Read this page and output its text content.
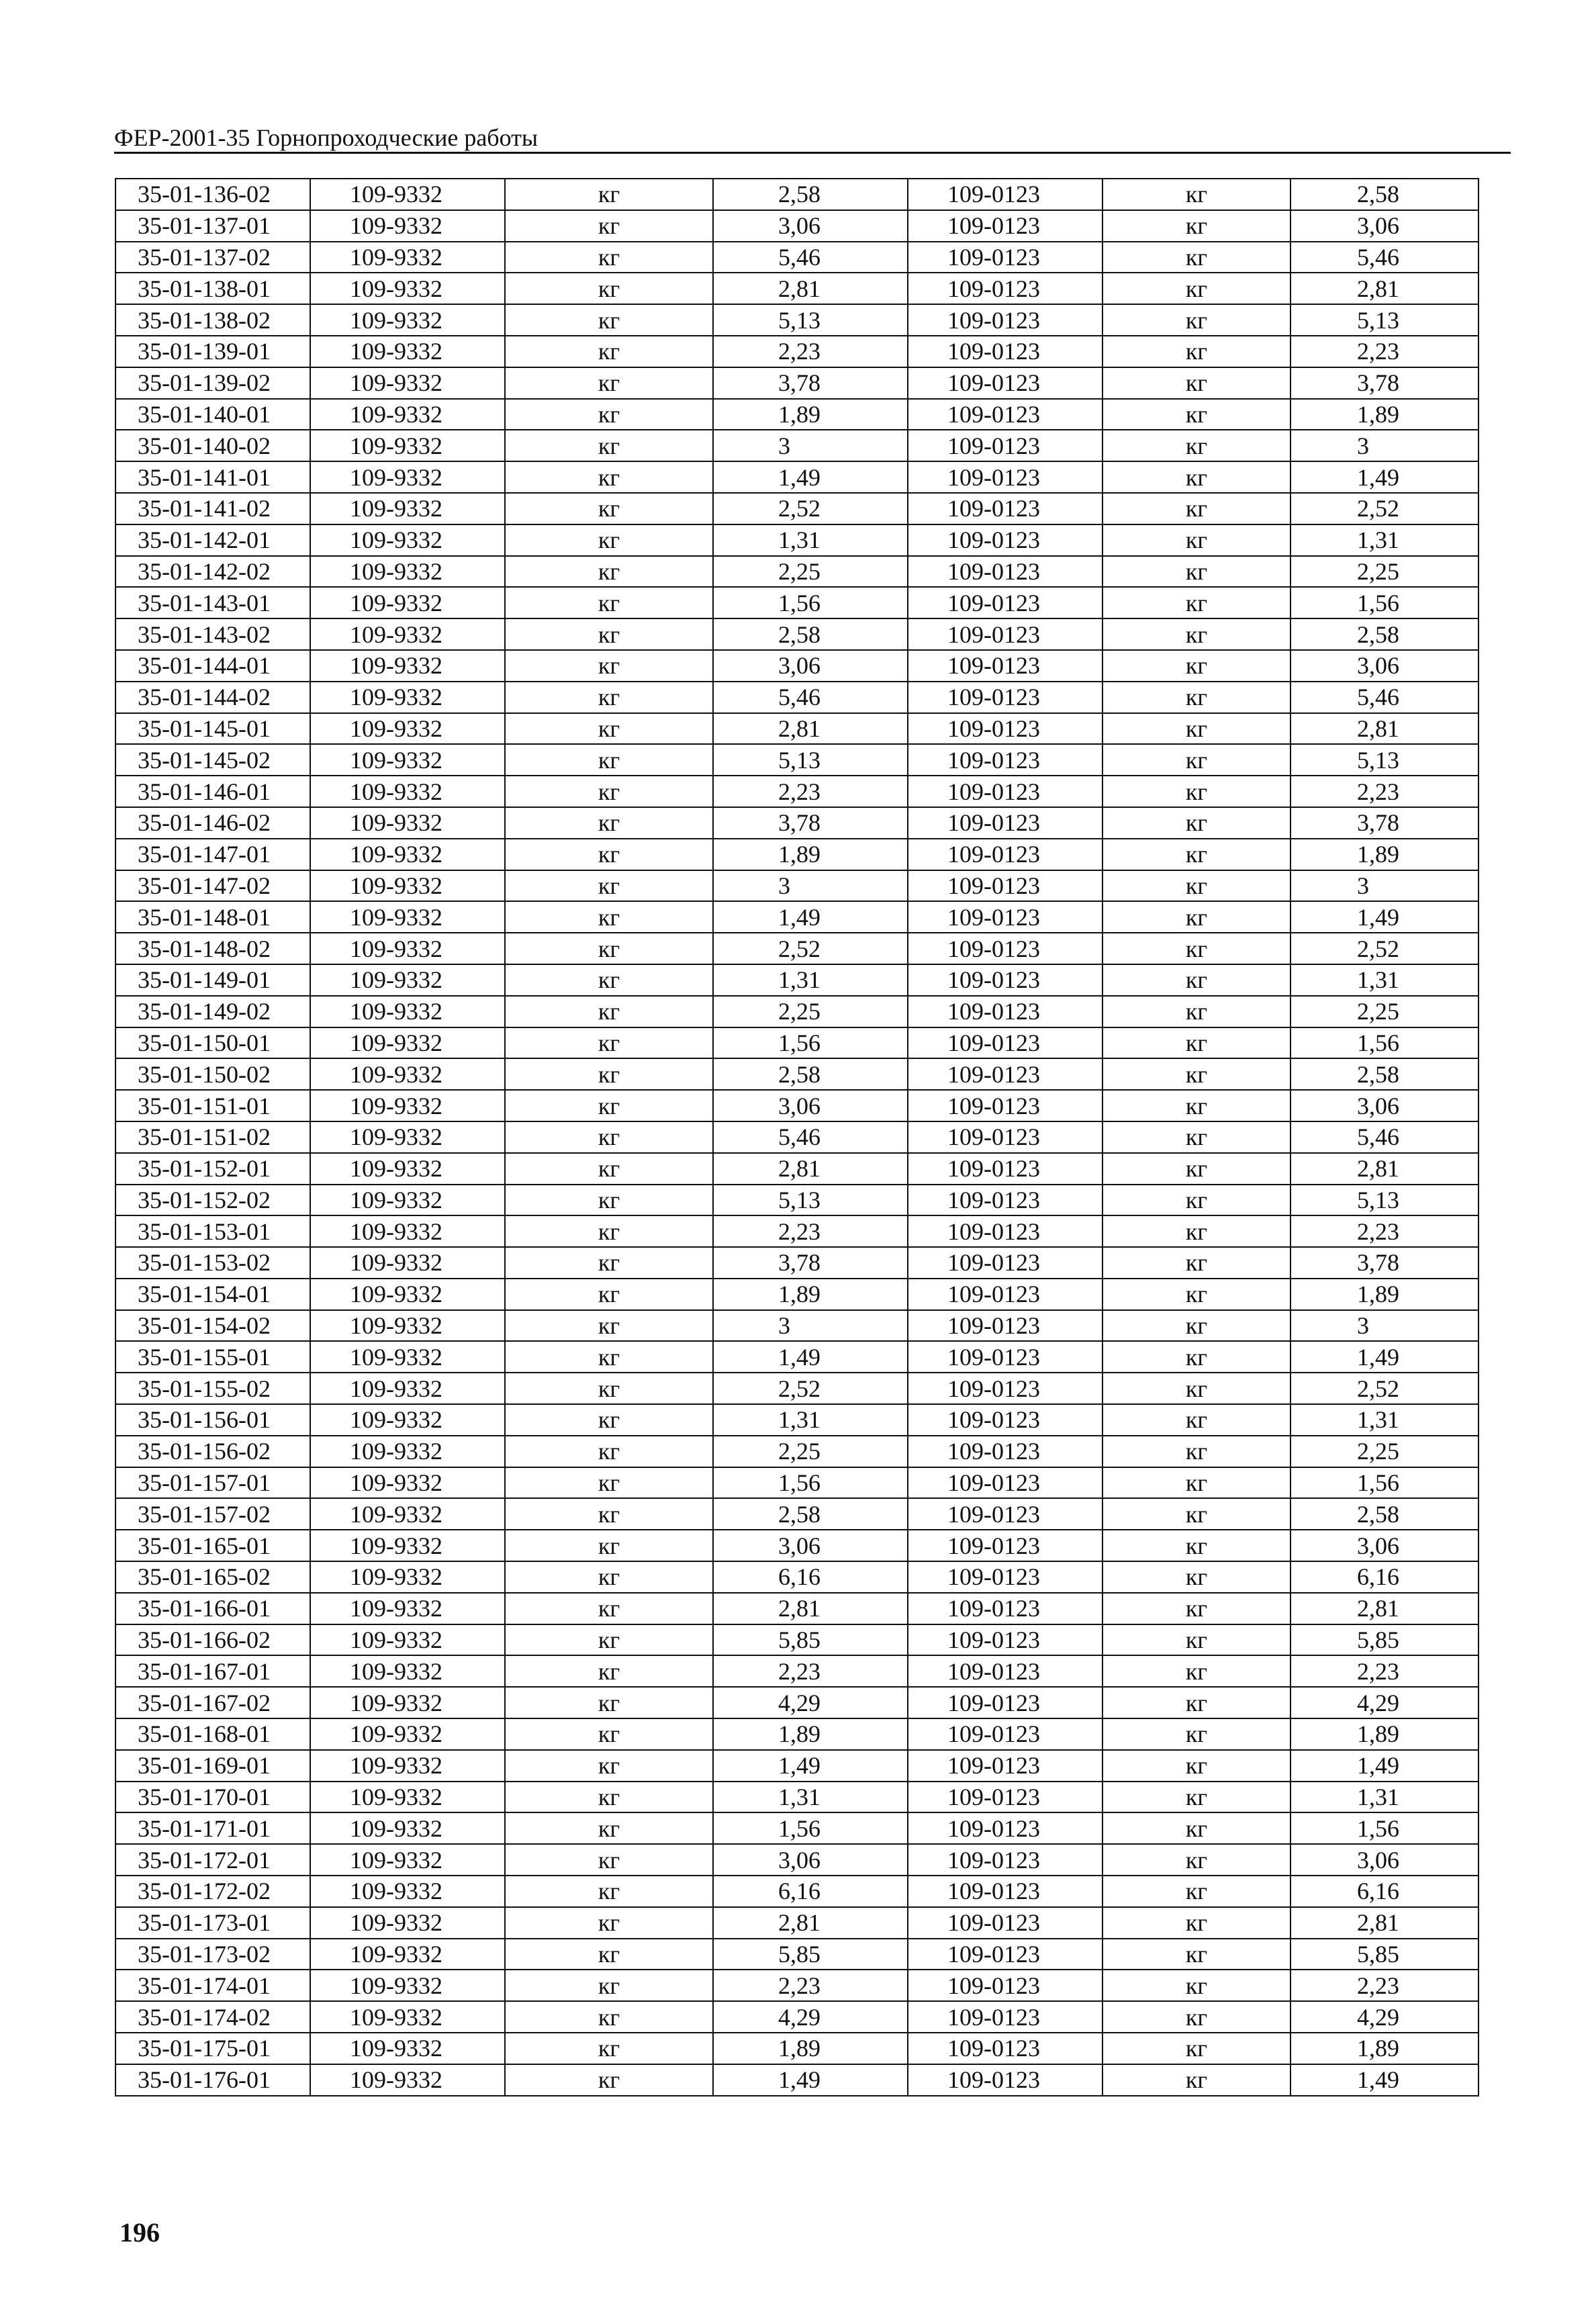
ФЕР-2001-35 Горнопроходческие работы
35-01-136-02	109-9332	кг	2,58	109-0123	кг	2,58
35-01-137-01	109-9332	кг	3,06	109-0123	кг	3,06
35-01-137-02	109-9332	кг	5,46	109-0123	кг	5,46
35-01-138-01	109-9332	кг	2,81	109-0123	кг	2,81
35-01-138-02	109-9332	кг	5,13	109-0123	кг	5,13
35-01-139-01	109-9332	кг	2,23	109-0123	кг	2,23
35-01-139-02	109-9332	кг	3,78	109-0123	кг	3,78
35-01-140-01	109-9332	кг	1,89	109-0123	кг	1,89
35-01-140-02	109-9332	кг	3	109-0123	кг	3
35-01-141-01	109-9332	кг	1,49	109-0123	кг	1,49
35-01-141-02	109-9332	кг	2,52	109-0123	кг	2,52
35-01-142-01	109-9332	кг	1,31	109-0123	кг	1,31
35-01-142-02	109-9332	кг	2,25	109-0123	кг	2,25
35-01-143-01	109-9332	кг	1,56	109-0123	кг	1,56
35-01-143-02	109-9332	кг	2,58	109-0123	кг	2,58
35-01-144-01	109-9332	кг	3,06	109-0123	кг	3,06
35-01-144-02	109-9332	кг	5,46	109-0123	кг	5,46
35-01-145-01	109-9332	кг	2,81	109-0123	кг	2,81
35-01-145-02	109-9332	кг	5,13	109-0123	кг	5,13
35-01-146-01	109-9332	кг	2,23	109-0123	кг	2,23
35-01-146-02	109-9332	кг	3,78	109-0123	кг	3,78
35-01-147-01	109-9332	кг	1,89	109-0123	кг	1,89
35-01-147-02	109-9332	кг	3	109-0123	кг	3
35-01-148-01	109-9332	кг	1,49	109-0123	кг	1,49
35-01-148-02	109-9332	кг	2,52	109-0123	кг	2,52
35-01-149-01	109-9332	кг	1,31	109-0123	кг	1,31
35-01-149-02	109-9332	кг	2,25	109-0123	кг	2,25
35-01-150-01	109-9332	кг	1,56	109-0123	кг	1,56
35-01-150-02	109-9332	кг	2,58	109-0123	кг	2,58
35-01-151-01	109-9332	кг	3,06	109-0123	кг	3,06
35-01-151-02	109-9332	кг	5,46	109-0123	кг	5,46
35-01-152-01	109-9332	кг	2,81	109-0123	кг	2,81
35-01-152-02	109-9332	кг	5,13	109-0123	кг	5,13
35-01-153-01	109-9332	кг	2,23	109-0123	кг	2,23
35-01-153-02	109-9332	кг	3,78	109-0123	кг	3,78
35-01-154-01	109-9332	кг	1,89	109-0123	кг	1,89
35-01-154-02	109-9332	кг	3	109-0123	кг	3
35-01-155-01	109-9332	кг	1,49	109-0123	кг	1,49
35-01-155-02	109-9332	кг	2,52	109-0123	кг	2,52
35-01-156-01	109-9332	кг	1,31	109-0123	кг	1,31
35-01-156-02	109-9332	кг	2,25	109-0123	кг	2,25
35-01-157-01	109-9332	кг	1,56	109-0123	кг	1,56
35-01-157-02	109-9332	кг	2,58	109-0123	кг	2,58
35-01-165-01	109-9332	кг	3,06	109-0123	кг	3,06
35-01-165-02	109-9332	кг	6,16	109-0123	кг	6,16
35-01-166-01	109-9332	кг	2,81	109-0123	кг	2,81
35-01-166-02	109-9332	кг	5,85	109-0123	кг	5,85
35-01-167-01	109-9332	кг	2,23	109-0123	кг	2,23
35-01-167-02	109-9332	кг	4,29	109-0123	кг	4,29
35-01-168-01	109-9332	кг	1,89	109-0123	кг	1,89
35-01-169-01	109-9332	кг	1,49	109-0123	кг	1,49
35-01-170-01	109-9332	кг	1,31	109-0123	кг	1,31
35-01-171-01	109-9332	кг	1,56	109-0123	кг	1,56
35-01-172-01	109-9332	кг	3,06	109-0123	кг	3,06
35-01-172-02	109-9332	кг	6,16	109-0123	кг	6,16
35-01-173-01	109-9332	кг	2,81	109-0123	кг	2,81
35-01-173-02	109-9332	кг	5,85	109-0123	кг	5,85
35-01-174-01	109-9332	кг	2,23	109-0123	кг	2,23
35-01-174-02	109-9332	кг	4,29	109-0123	кг	4,29
35-01-175-01	109-9332	кг	1,89	109-0123	кг	1,89
35-01-176-01	109-9332	кг	1,49	109-0123	кг	1,49
196
